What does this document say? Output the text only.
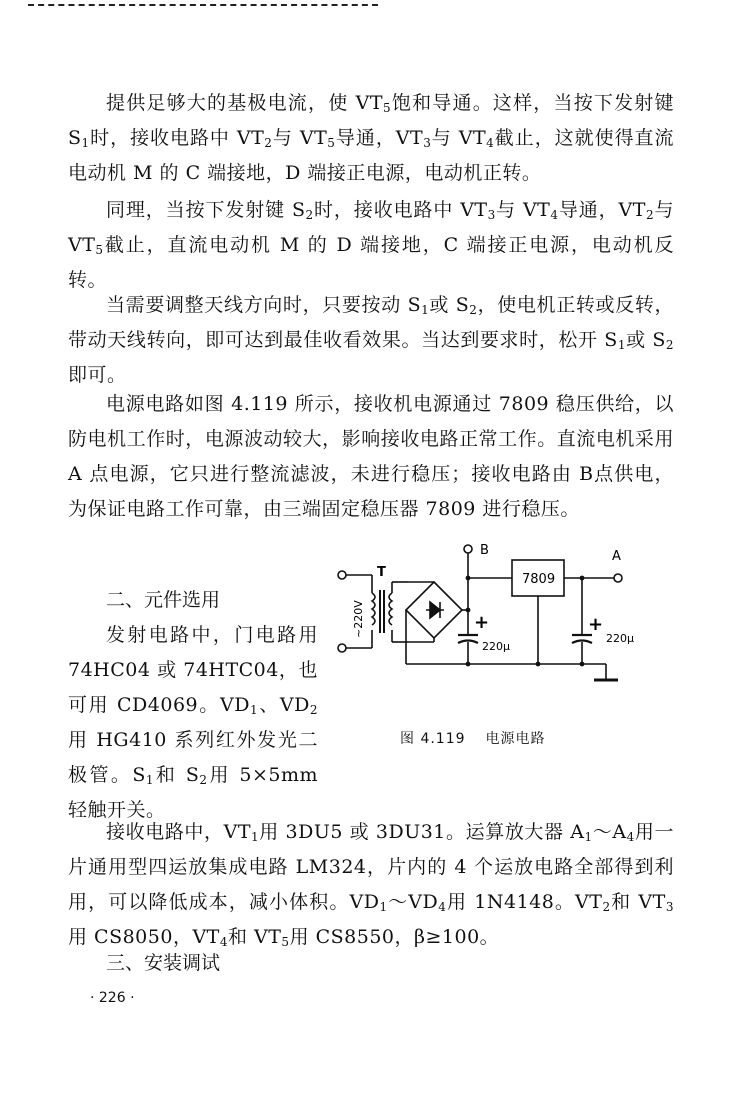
提供足够大的基极电流，使 $VT_5$饱和导通。这样，当按下发射键 $S_1$时，接收电路中 $VT_2$与 $VT_5$导通，$VT_3$与 $VT_4$截止，这就使得直流电动机 M 的 C 端接地，D 端接正电源，电动机正转。

同理，当按下发射键 $S_2$时，接收电路中 $VT_3$与 $VT_4$导通，$VT_2$与 $VT_5$截止，直流电动机 M 的 D 端接地，C 端接正电源，电动机反转。

当需要调整天线方向时，只要按动 $S_1$或 $S_2$，使电机正转或反转，带动天线转向，即可达到最佳收看效果。当达到要求时，松开 $S_1$或 $S_2$即可。

电源电路如图 4.119 所示，接收机电源通过 7809 稳压供给，以防电机工作时，电源波动较大，影响接收电路正常工作。直流电机采用 A 点电源，它只进行整流滤波，未进行稳压；接收电路由 B点供电，为保证电路工作可靠，由三端固定稳压器 7809 进行稳压。

二、元件选用

发射电路中，门电路用 74HC04 或 74HTC04，也可用 CD4069。$VD_1$、$VD_2$用 HG410 系列红外发光二极管。$S_1$和 $S_2$用 5×5mm 轻触开关。

接收电路中，$VT_1$用 3DU5 或 3DU31。运算放大器 $A_1\sim A_4$用一片通用型四运放集成电路 LM324，片内的 4 个运放电路全部得到利用，可以降低成本，减小体积。$VD_1\sim VD_4$用 1N4148。$VT_2$和 $VT_3$用 CS8050，$VT_4$和 $VT_5$用 CS8550，β≥100。

三、安装调试
B	A
T	7809
~220V
220μ
220μ
+	+
图 4.119 电源电路
· 226 ·
